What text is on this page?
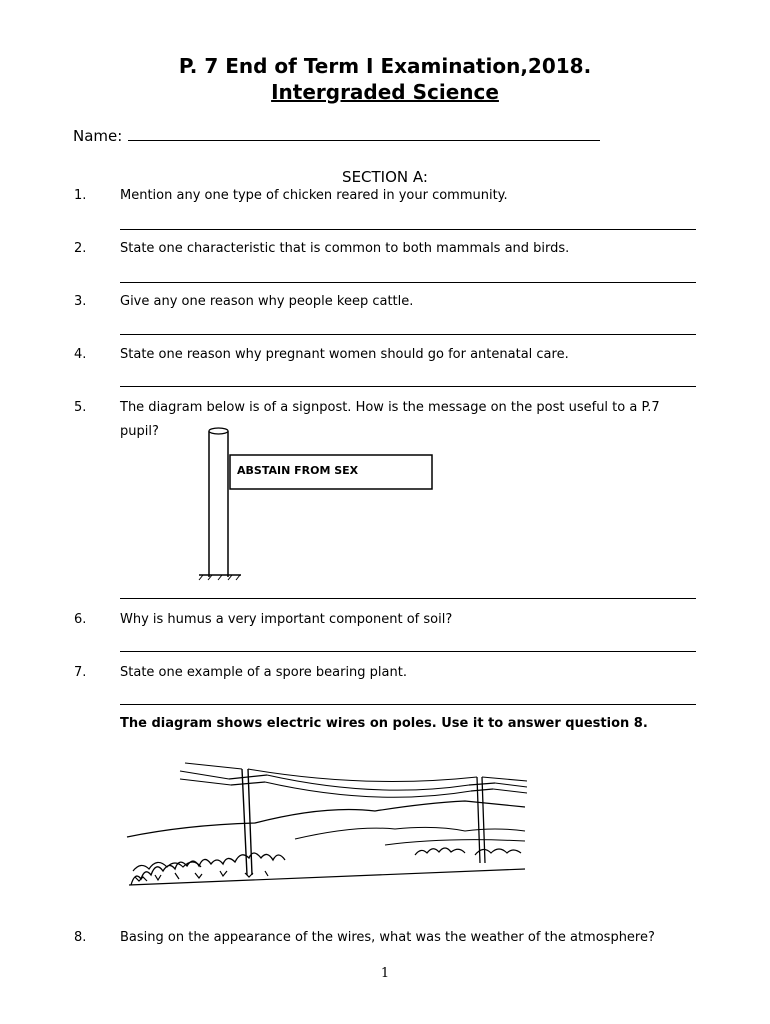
P. 7 End of Term I Examination,2018.
Intergraded Science
Name:
SECTION A:
1.	Mention any one type of chicken reared in your community.
2.	State one characteristic that is common to both mammals and birds.
3.	Give any one reason why people keep cattle.
4.	State one reason why pregnant women should go for antenatal care.
5.	The diagram below is of a signpost. How is the message on the post useful to a P.7 pupil?
ABSTAIN FROM SEX
6.	Why is humus a very important component of soil?
7.	State one example of a spore bearing plant.
The diagram shows electric wires on poles. Use it to answer question 8.
8.	Basing on the appearance of the wires, what was the weather of the atmosphere?
1
